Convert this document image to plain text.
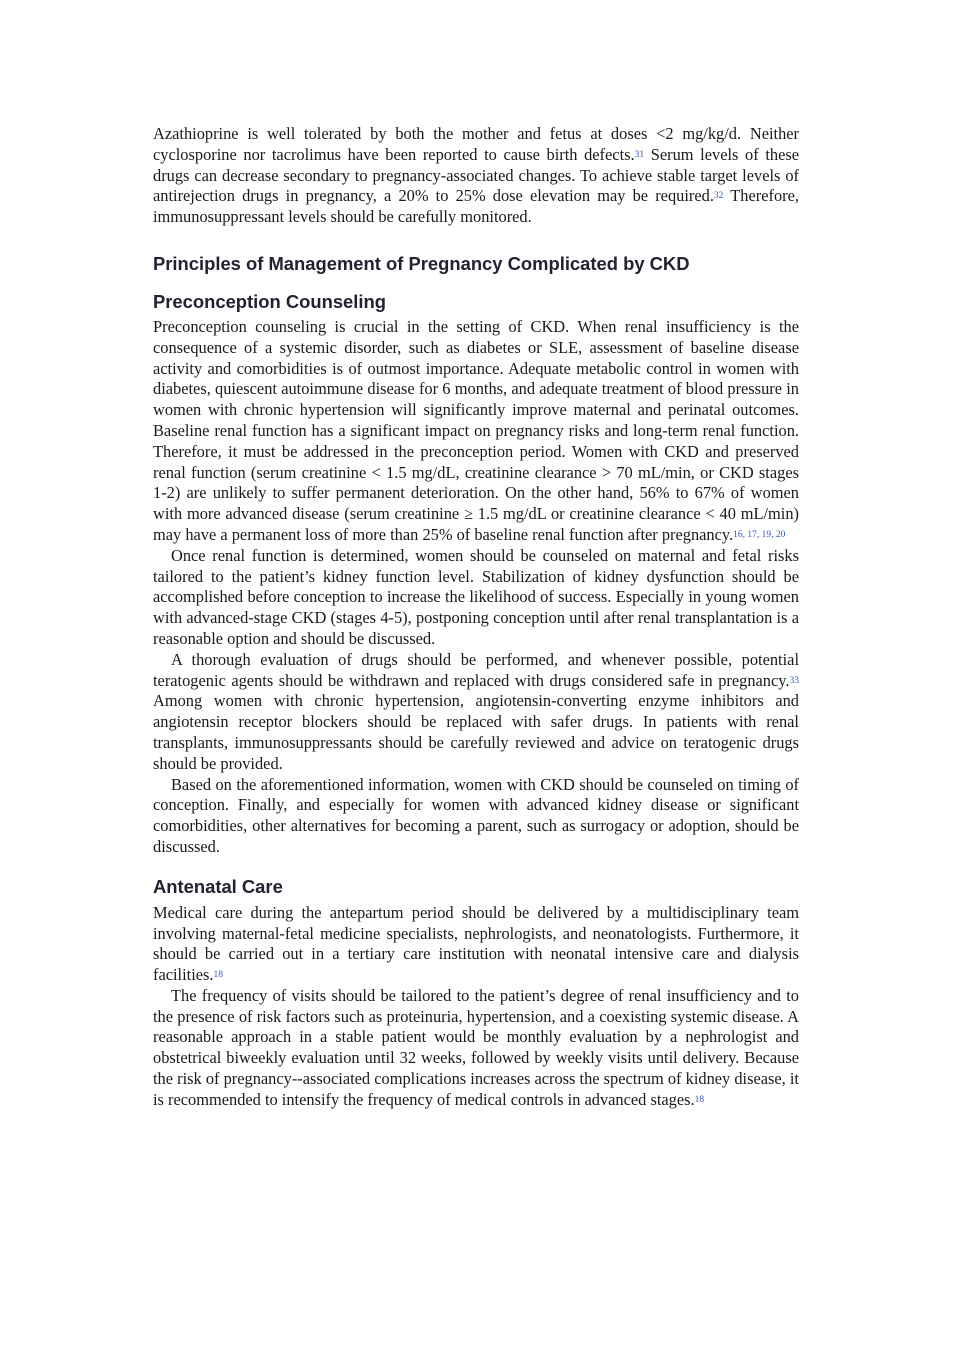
Azathioprine is well tolerated by both the mother and fetus at doses <2 mg/kg/d. Neither cyclosporine nor tacrolimus have been reported to cause birth defects.$^{31}$ Serum levels of these drugs can decrease secondary to pregnancy-associated changes. To achieve stable target levels of antirejection drugs in pregnancy, a 20% to 25% dose elevation may be required.$^{32}$ Therefore, immunosuppressant levels should be carefully monitored.

Principles of Management of Pregnancy Complicated by CKD
Preconception Counseling

Preconception counseling is crucial in the setting of CKD. When renal insufficiency is the consequence of a systemic disorder, such as diabetes or SLE, assessment of baseline disease activity and comorbidities is of outmost importance. Adequate metabolic control in women with diabetes, quiescent autoimmune disease for 6 months, and adequate treatment of blood pressure in women with chronic hypertension will significantly improve maternal and perinatal outcomes. Baseline renal function has a significant impact on pregnancy risks and long-term renal function. Therefore, it must be addressed in the preconception period. Women with CKD and preserved renal function (serum creatinine < 1.5 mg/dL, creatinine clearance > 70 mL/min, or CKD stages 1-2) are unlikely to suffer permanent deterioration. On the other hand, 56% to 67% of women with more advanced disease (serum creatinine ≥ 1.5 mg/dL or creatinine clearance < 40 mL/min) may have a permanent loss of more than 25% of baseline renal function after pregnancy.$^{16, 17, 19, 20}$

Once renal function is determined, women should be counseled on maternal and fetal risks tailored to the patient’s kidney function level. Stabilization of kidney dysfunction should be accomplished before conception to increase the likelihood of success. Especially in young women with advanced-stage CKD (stages 4-5), postponing conception until after renal transplantation is a reasonable option and should be discussed.

A thorough evaluation of drugs should be performed, and whenever possible, potential teratogenic agents should be withdrawn and replaced with drugs considered safe in pregnancy.$^{33}$ Among women with chronic hypertension, angiotensin-converting enzyme inhibitors and angiotensin receptor blockers should be replaced with safer drugs. In patients with renal transplants, immunosuppressants should be carefully reviewed and advice on teratogenic drugs should be provided.

Based on the aforementioned information, women with CKD should be counseled on timing of conception. Finally, and especially for women with advanced kidney disease or significant comorbidities, other alternatives for becoming a parent, such as surrogacy or adoption, should be discussed.

Antenatal Care

Medical care during the antepartum period should be delivered by a multidisciplinary team involving maternal-fetal medicine specialists, nephrologists, and neonatologists. Furthermore, it should be carried out in a tertiary care institution with neonatal intensive care and dialysis facilities.$^{18}$

The frequency of visits should be tailored to the patient’s degree of renal insufficiency and to the presence of risk factors such as proteinuria, hypertension, and a coexisting systemic disease. A reasonable approach in a stable patient would be monthly evaluation by a nephrologist and obstetrical biweekly evaluation until 32 weeks, followed by weekly visits until delivery. Because the risk of pregnancy--associated complications increases across the spectrum of kidney disease, it is recommended to intensify the frequency of medical controls in advanced stages.$^{18}$
